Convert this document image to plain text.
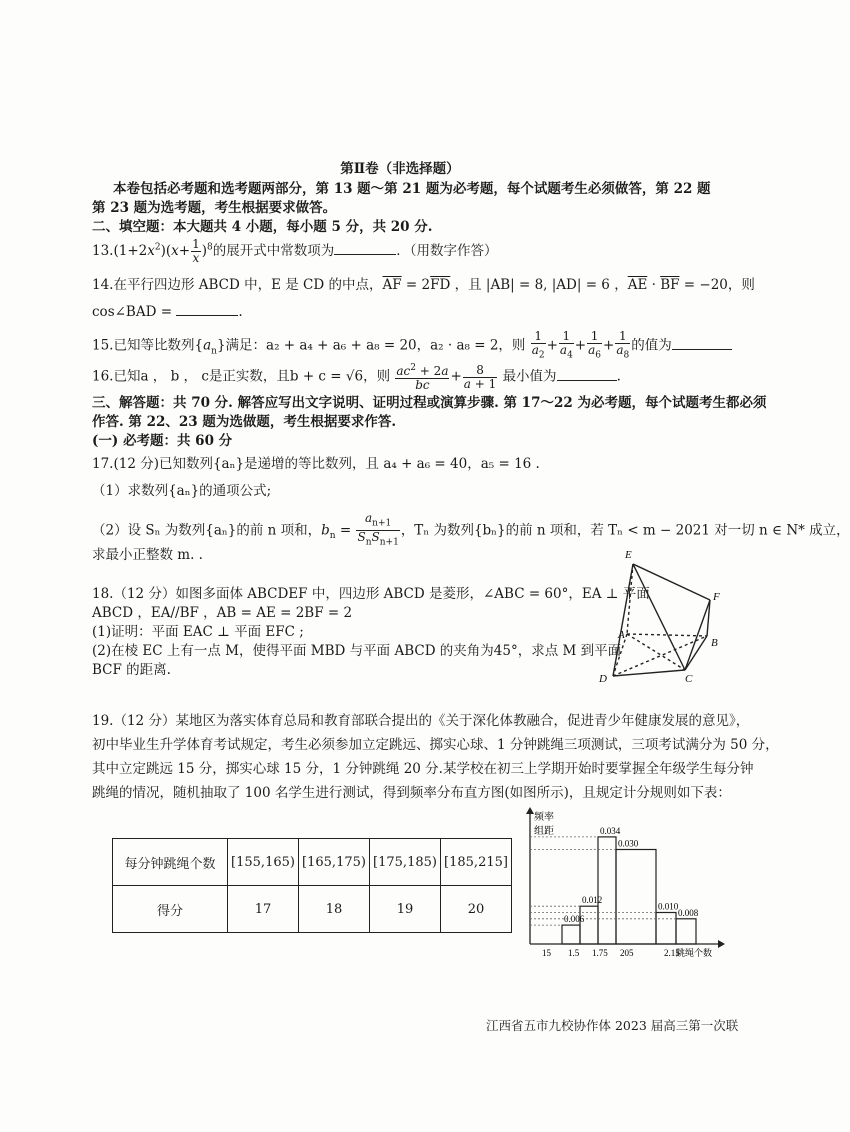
第Ⅱ卷（非选择题）
本卷包括必考题和选考题两部分，第 13 题～第 21 题为必考题，每个试题考生必须做答，第 22 题
第 23 题为选考题，考生根据要求做答。
二、填空题：本大题共 4 小题，每小题 5 分，共 20 分.
$13.(1+2x^2)(x+ \frac{1}{x} )^8$的展开式中常数项为	．（用数字作答）
14.在平行四边形 ABCD 中，E 是 CD 的中点，$\overline{AF} = 2\overline{FD}$ ，且 |AB| = 8, |AD| = 6 ，$\overline{AE} \cdot \overline{BF} = -20$，则
cos∠BAD =	.
15.已知等比数列$\{a_n\}$满足：a₂ + a₄ + a₆ + a₈ = 20，a₂ · a₈ = 2，则 $\frac{1}{a_2} + \frac{1}{a_4} + \frac{1}{a_6} + \frac{1}{a_8}$ 的值为
16.已知a ， b ， c是正实数，且b + c = √6，则 $\frac{ac^2 + 2a}{bc} + \frac{8}{a + 1}$ 最小值为	.
三、解答题：共 70 分. 解答应写出文字说明、证明过程或演算步骤. 第 17～22 为必考题，每个试题考生都必须
作答. 第 22、23 题为选做题，考生根据要求作答.
(一) 必考题：共 60 分
17.(12 分)已知数列{aₙ}是递增的等比数列，且 a₄ + a₆ = 40，a₅ = 16 .
（1）求数列{aₙ}的通项公式;
（2）设 Sₙ 为数列{aₙ}的前 n 项和，$b_n = \frac{a_{n+1}}{S_nS_{n+1}}$ ，Tₙ 为数列{bₙ}的前 n 项和，若 Tₙ < m − 2021 对一切 n ∈ N* 成立，
求最小正整数 m. .
18.（12 分）如图多面体 ABCDEF 中，四边形 ABCD 是菱形，∠ABC = 60°，EA ⊥ 平面
ABCD ，EA//BF ，AB = AE = 2BF = 2
(1)证明：平面 EAC ⊥ 平面 EFC ;
(2)在棱 EC 上有一点 M，使得平面 MBD 与平面 ABCD 的夹角为45°，求点 M 到平面
BCF 的距离.
E
F
A
B
D	C
19.（12 分）某地区为落实体育总局和教育部联合提出的《关于深化体教融合，促进青少年健康发展的意见》，
初中毕业生升学体育考试规定，考生必须参加立定跳远、掷实心球、1 分钟跳绳三项测试，三项考试满分为 50 分，
其中立定跳远 15 分，掷实心球 15 分，1 分钟跳绳 20 分.某学校在初三上学期开始时要掌握全年级学生每分钟
跳绳的情况，随机抽取了 100 名学生进行测试，得到频率分布直方图(如图所示)，且规定计分规则如下表：
每分钟跳绳个数	[155,165)	[165,175)	[175,185)	[185,215]
得分	17	18	19	20
频率
组距
0.006
0.012
0.034
0.030
0.010
0.008
15 1.5 1.75 205	2.15
跳绳个数
江西省五市九校协作体 2023 届高三第一次联
